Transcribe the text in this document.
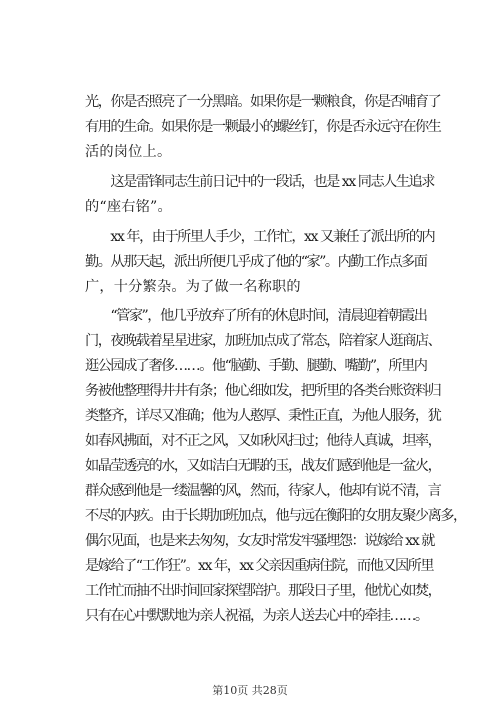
光，你是否照亮了一分黑暗。如果你是一颗粮食，你是否哺育了
有用的生命。如果你是一颗最小的螺丝钉，你是否永远守在你生
活的岗位上。
　　这是雷锋同志生前日记中的一段话，也是 xx 同志人生追求
的“座右铭”。
　　xx 年，由于所里人手少，工作忙，xx 又兼任了派出所的内
勤。从那天起，派出所便几乎成了他的“家”。内勤工作点多面
广，十分繁杂。为了做一名称职的
　　“管家”，他几乎放弃了所有的休息时间，清晨迎着朝霞出
门，夜晚载着星星进家，加班加点成了常态，陪着家人逛商店、
逛公园成了奢侈……。他“脑勤、手勤、腿勤、嘴勤”，所里内
务被他整理得井井有条；他心细如发，把所里的各类台账资料归
类整齐，详尽又准确；他为人憨厚、秉性正直，为他人服务，犹
如春风拂面，对不正之风，又如秋风扫过；他待人真诚，坦率，
如晶莹透亮的水，又如洁白无暇的玉，战友们感到他是一盆火，
群众感到他是一缕温馨的风，然而，待家人，他却有说不清，言
不尽的内疚。由于长期加班加点，他与远在衡阳的女朋友聚少离多，
偶尔见面，也是来去匆匆，女友时常发牢骚埋怨：说嫁给 xx 就
是嫁给了“工作狂”。xx 年，xx 父亲因重病住院，而他又因所里
工作忙而抽不出时间回家探望陪护。那段日子里，他忧心如焚，
只有在心中默默地为亲人祝福，为亲人送去心中的牵挂……。
第10页 共28页
